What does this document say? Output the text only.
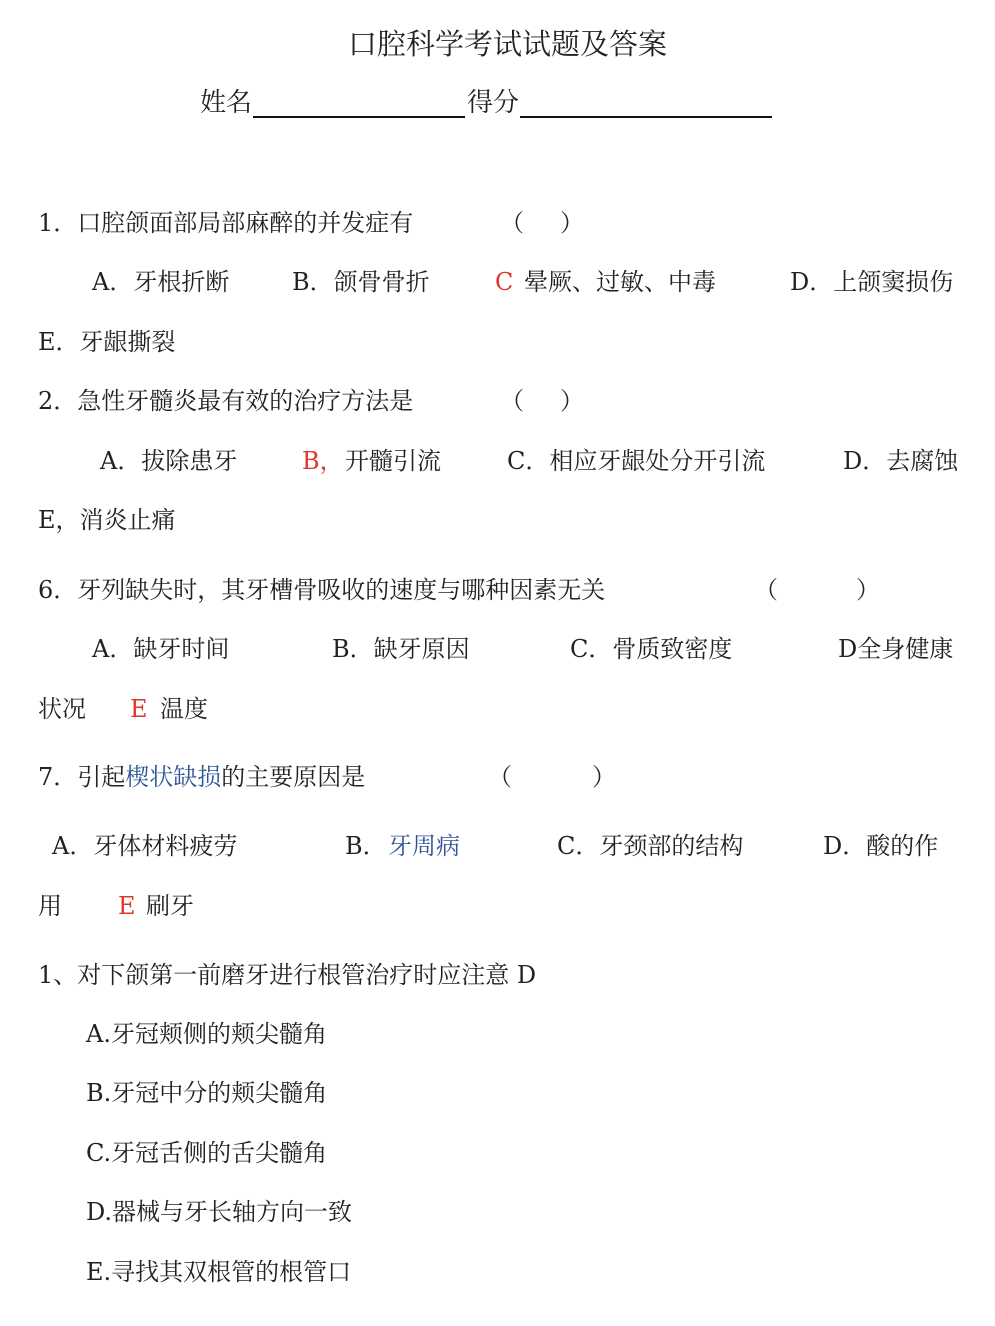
口腔科学考试试题及答案
姓名	得分
1．口腔颌面部局部麻醉的并发症有	（ ）
A．牙根折断	B．颌骨骨折	C 晕厥、过敏、中毒	D．上颌窦损伤
E．牙龈撕裂
2．急性牙髓炎最有效的治疗方法是	（ ）
A．拔除患牙	B， 开髓引流	C．相应牙龈处分开引流	D．去腐蚀
E，消炎止痛
6．牙列缺失时，其牙槽骨吸收的速度与哪种因素无关	（	）
A．缺牙时间	B．缺牙原因	C．骨质致密度	D全身健康
状况 E 温度
7．引起楔状缺损的主要原因是	（	）
A．牙体材料疲劳	B． 牙周病	C．牙颈部的结构	D．酸的作
用 E 刷牙
1、对下颌第一前磨牙进行根管治疗时应注意 D
A.牙冠颊侧的颊尖髓角
B.牙冠中分的颊尖髓角
C.牙冠舌侧的舌尖髓角
D.器械与牙长轴方向一致
E.寻找其双根管的根管口
